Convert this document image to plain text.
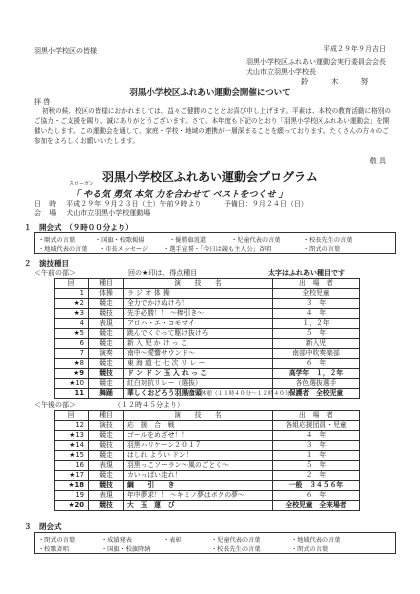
羽黒小学校区の皆様	平成２９年９月吉日
羽黒小学校区ふれあい運動会実行委員会会長
犬山市立羽黒小学校長
鈴 木 努
羽黒小学校区ふれあい運動会開催について
拝 啓
初秋の候、校区の皆様におかれましては、益々ご健勝のこととお喜び申し上げます。平素は、本校の教育活動に格別のご協力・ご支援を賜り、誠にありがとうございます。さて、本年度も下記のとおり「羽黒小学校区ふれあい運動会」を開催いたします。この運動会を通して、家庭・学校・地域の連携が一層深まることを願っております。たくさんの方々のご参加をよろしくお願いいたします。
敬 具
羽黒小学校区ふれあい運動会プログラム
スローガン
「 やる気 勇気 本気 力を合わせて ベストをつくせ 」
日 時 平成２９年 ９月２３日（土）午前９時より	予備日：９月２４日（日）
会 場 犬山市立羽黒小学校運動場
１　開会式　（９時００分より）
・開式の言葉	・国旗・校歌掲揚	・優勝旗返還	・児童代表の言葉	・校長先生の言葉
・地域代表の言葉 ・市長メッセージ ・選手宣誓・「今日は競も主人公」斉唱	・閉式の言葉
２　演技種目
＜午前の部＞	回の★印は、得点種目	太字はふれあい種目です
回	種目	演　　技　　名	出　場　者
1	体操	ラ ジ オ 体 操	全校児童
★2	競走	全力でかけぬけろ！	３　年
★3	競技	先手必勝！！ ～棒引き～	４　年
4	表現	アロハ・エ・コモマイ	１，２年
★5	競走	跳んでくぐって駆け抜けろ	５　年
6	競走	新 入 児 か け っ こ	新入児
7	演奏	南中～愛響サウンド～	南部中吹奏楽部
★8	競走	東 海 道 七 七 次 リ レ ー	６　年
★9	競技	ド ン ド ン 玉 入 れ っ こ	高学年　１，２年
★10	競走	紅白対抗リレー（選抜）	各色選抜選手
11	舞踊	華しくおどろう羽黒音頭	保護者　全校児童
昼食・休憩（１１時４０分～１２時４０分）
＜午後の部＞	（１２時４５分より）
回	種目	演　　技　　名	出　場　者
12	演技	応　援　合　戦	各組応援団員・児童
★13	競走	ゴールをめざせ！！	４　年
★14	競技	羽黒ハリケーン２０１７	３　年
★15	競走	はしれ ようい ドン！	１　年
16	表現	羽黒っこソーラン～風のごとく～	５　年
★17	競走	カいっぱい走れ！	２　年
★18	競技	綱　　引　　き	一般　３４５６年
19	表現	年中夢求！！ ～キミノ夢はボクの夢～	６　年
★20	競技	大　玉　運　び	全校児童　全来場者
３　閉会式
・閉式の言葉	・成績発表	・表彰	・児童代表の言葉	・地域代表の言葉
・校歌斉唱	・国旗・校旗降納	・校長先生の言葉	・閉式の言葉
